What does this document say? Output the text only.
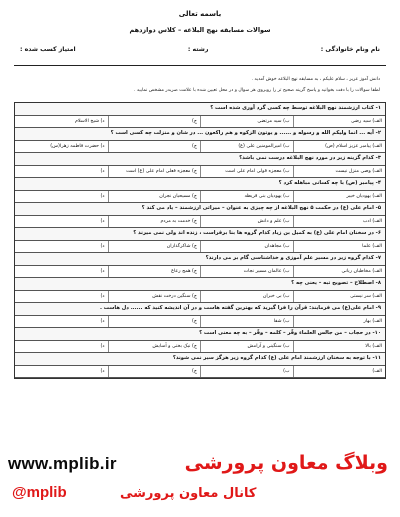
باسمه تعالی
سوالات مسابقه نهج البلاغه – کلاس دوازدهم
نام ونام خانوادگی :
رشته :
امتیاز کسب شده :
دانش آموز عزیز ، سلام علیکم ، به مسابقه نهج البلاغه خوش آمدید .
لطفا سوالات را با دقت بخوانید و پاسخ گزینه صحیح تر را روبروی هر سوال و در محل تعیین شده با علامت ضربدر مشخص نمایید .
۱- کتاب ارزشمند نهج البلاغه توسط چه کسی گرد آوری شده است ؟
الف) سید رضی
ب) سید مرتضی
ج)
د) شیخ الاسلام
۲- آیه ... انما ولیکم الله و رسوله و ...... و یوتون الزکوه و هم راکعون ... در شان و منزلت چه کسی است ؟
الف) پیامبر عزیز اسلام (ص)
ب) امیرالمومنین علی (ع)
ج)
د) حضرت فاطمه زهرا(س)
۳- کدام گزینه زیر در مورد نهج البلاغه درست نمی باشد؟
الف) وصی منزل نیست
ب) معجزه قولی امام علی است
ج) معجزه فعلی امام علی (ع) است
د)
۴- پیامبر (ص) با چه کسانی مباهله کرد ؟
الف) یهودیان خیبر
ب) یهودیان بنی قریظه
ج) مسیحیان نجران
د)
۵- امام علی (ع) در حکمت ۵ نهج البلاغه از چه چیزی به عنوان – میراثی ارزشمند – یاد می کند ؟
الف) ادب
ب) علم و دانش
ج) خدمت به مردم
د)
۶- در سخنان امام علی (ع) به کمیل بن زیاد کدام گروه ها بنا برقراست ، زنده اند ولی نمی میرند ؟
الف) علما
ب) مجاهدان
ج) شاکرگذاران
د)
۷- کدام گروه زیر در مسیر علم آموزی و خداشناسی گام بر می دارند؟
الف) مخاطبان ربانی
ب) عالمان مسیر نجات
ج) همج رعاع
د)
۸- اصطلاح – تصویح تبه – یعنی چه ؟
الف) سر نیستی
ب) بی خبران
ج) سنگین درخت نقش
د)
۹- امام علی(ع) می فرمایند: قرآن را فرا گیرید که بهترین گفته هاست و در آن اندیشه کنید که ...... دل هاست .
الف) بهار
ب) شفا
ج)
د)
۱۰- در حجاب – من جالس العلماء وقّر – کلمه – وقّر – به چه معنی است ؟
الف) بالا
ب) سنگینی و آرامش
ج) نیک بختی و آسایش
د)
۱۱- با توجه به سخنان ارزشمند امام علی (ع) کدام گروه زیر هرگز سیر نمی شوند؟
الف)
ب)
ج)
د)
وبلاگ معاون پرورشی
www.mplib.ir
کانال معاون پرورشی
@mplib
